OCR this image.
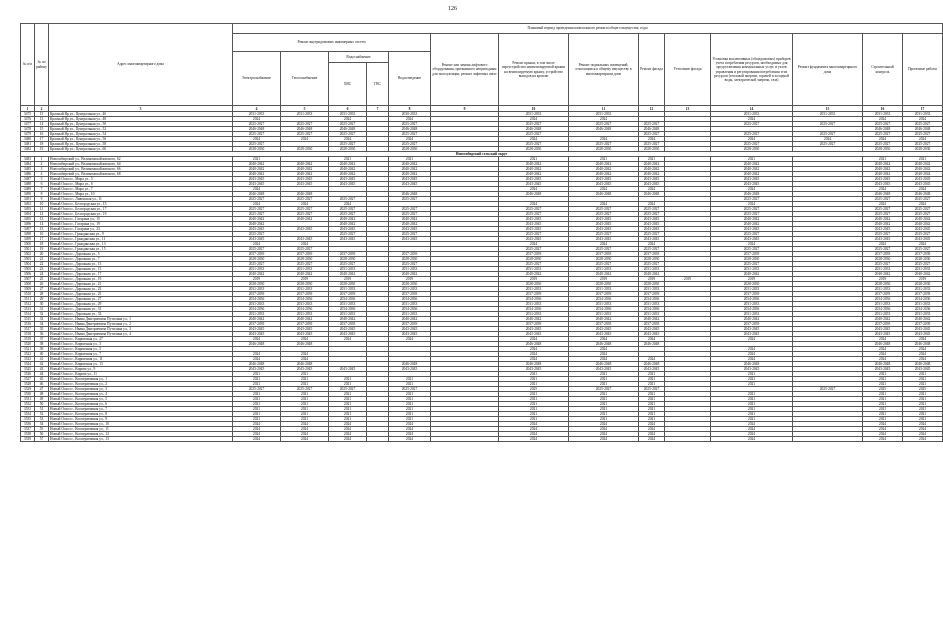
126
№ п/п	№ по району	Адрес многоквартирного дома	Плановый период проведения капитального ремонта общего имущества, годы													
			Ремонт внутридомовых инженерных систем					Ремонт или замена лифтового оборудования, признанного непригодным для эксплуатации, ремонт лифтовых шахт	Ремонт крыши, в том числе переустройство невентилируемой крыши на вентилируемую крышу, устройство выходов на кровлю	Ремонт подвальных помещений, относящихся к общему имуществу в многоквартирном доме	Ремонт фасада	Утепление фасада	Установка коллективных (общедомовых) приборов учета потребления ресурсов, необходимых для предоставления коммунальных услуг, и узлов управления и регулирования потребления этих ресурсов (тепловой энергии, горячей и холодной воды, электрической энергии, газа)	Ремонт фундамента многоквартирного дома	Строительный контроль	Проектные работы
			Электроснабжение	Теплоснабжение	Водоснабжение		Водоотведение									
					ХВС	ГВС										
1	2	3	4	5	6	7	8	9	10	11	12	13	14	15	16	17
3475	15	Красный Яр ул., Центральная ул., 46	2031-2033	2031-2033	2031-2033		2030-2033		2031-2033	2031-2033			2031-2033	2031-2033	2031-2033	2031-2033
3476	13	Красный Яр ул., Центральная ул., 48	2024		2024		2024		2024	2024			2024		2024	2024
3477	14	Красный Яр ул., Центральная ул., 50	2025-2027	2025-2027	2025-2027		2025-2027		2025-2027	2025-2027	2025-2027		2025-2027	2025-2027	2025-2027	2025-2027
3478	15	Красный Яр ул., Центральная ул., 52	2046-2048	2046-2048	2046-2048		2046-2048		2046-2048	2046-2048	2046-2048				2046-2048	2046-2048
3479	16	Красный Яр ул., Центральная ул., 54	2025-2027	2025-2027	2025-2027		2025-2027		2025-2027		2025-2027		2025-2027	2025-2027	2025-2027	2025-2027
3480	17	Красный Яр ул., Центральная ул., 56	2024	2024	2024		2024		2024	2024	2024		2024	2024	2024	2024
3481	18	Красный Яр ул., Центральная ул., 58	2025-2027		2025-2027		2025-2027		2025-2027	2025-2027	2025-2027		2025-2027	2025-2027	2025-2027	2025-2027
3482	19	Красный Яр ул., Центральная ул., 60	2028-2030	2028-2030	2028-2030		2028-2030		2028-2030	2028-2030	2028-2030		2028-2030		2028-2030	2028-2030
Новосибирский сельский округ																
3483	1	Новосибирский ул., Великомихайловского, 62	2021		2021		2021		2021	2021	2021		2021		2021	2021
3484	2	Новосибирский ул., Великомихайловского, 64	2040-2042	2040-2042	2040-2042		2040-2042		2040-2042	2040-2042	2040-2042		2040-2042		2040-2042	2040-2042
3485	3	Новосибирский ул., Великомихайловского, 66	2040-2042	2040-2042	2040-2042		2040-2042		2040-2042	2040-2042	2040-2042		2040-2042		2040-2042	2040-2042
3486	4	Новосибирский ул., Великомихайловского, 68	2040-2042	2040-2042	2040-2042		2040-2042		2040-2042	2040-2042	2040-2042		2040-2042		2040-2042	2040-2042
3487	5	Новый Оскол г., Мира ул., 5	2043-2045	2043-2045	2043-2045		2043-2045		2043-2045	2043-2045	2043-2045		2043-2045		2043-2045	2043-2045
3488	6	Новый Оскол г., Мира ул., 6	2043-2045	2043-2045	2043-2045		2043-2045		2043-2045	2043-2045	2043-2045		2043-2045		2043-2045	2043-2045
3489	7	Новый Оскол г., Мира ул., 7	2024						2024	2024	2024		2024		2024	2024
3490	8	Новый Оскол г., Мира ул., 10	2046-2048	2046-2048			2046-2048		2046-2048	2046-2048	2046-2048		2046-2048		2046-2048	2046-2048
3491	9	Новый Оскол г., Ливенская ул., 11	2025-2027	2025-2027	2025-2027		2025-2027						2025-2027		2025-2027	2025-2027
3492	10	Новый Оскол г., Белгородская ул., 15	2024	2024	2024				2024	2024	2024		2024		2024	2024
3493	11	Новый Оскол г., Белгородская ул., 17	2025-2027	2025-2027	2025-2027		2025-2027		2025-2027	2025-2027	2025-2027		2025-2027		2025-2027	2025-2027
3494	12	Новый Оскол г., Белгородская ул., 19	2025-2027	2025-2027	2025-2027		2025-2027		2025-2027	2025-2027	2025-2027		2025-2027		2025-2027	2025-2027
3495	13	Новый Оскол г., Гагарина ул., 15	2040-2042	2040-2042	2040-2042		2040-2042		2043-2045	2043-2045	2043-2045		2040-2042		2040-2042	2040-2042
3496	14	Новый Оскол г., Гагарина ул., 19	2040-2042		2040-2042		2040-2042		2043-2045	2043-2045	2043-2045		2040-2042		2040-2042	2040-2042
3497	15	Новый Оскол г., Гагарина ул., 23	2043-2045	2043-2045	2043-2045		2043-2045		2043-2045	2043-2045	2043-2045		2043-2045		2043-2045	2043-2045
3498	16	Новый Оскол г., Гражданская ул., 9	2025-2027		2025-2027		2025-2027		2025-2027	2025-2027	2025-2027		2025-2027		2025-2027	2025-2027
3499	17	Новый Оскол г., Гражданская ул., 11	2043-2045	2043-2045	2043-2045		2043-2045		2043-2045	2043-2045	2043-2045		2043-2045		2043-2045	2043-2045
3500	18	Новый Оскол г., Гражданская ул., 13	2024	2024					2024	2024	2024		2024		2024	2024
3501	19	Новый Оскол г., Гражданская ул., 15	2025-2027	2025-2027					2025-2027	2025-2027	2025-2027		2025-2027		2025-2027	2025-2027
3502	20	Новый Оскол г., Дорожная ул., 5	2037-2039	2037-2039	2037-2039		2037-2039		2037-2039	2037-2039	2037-2039		2037-2039		2037-2039	2037-2039
3503	21	Новый Оскол г., Дорожная ул., 7	2028-2030	2028-2030	2028-2030		2028-2030		2028-2030	2028-2030	2028-2030		2028-2030		2028-2030	2028-2030
3504	22	Новый Оскол г., Дорожная ул., 13	2025-2027	2025-2027	2025-2027		2025-2027		2025-2027	2025-2027	2025-2027		2025-2027		2025-2027	2025-2027
3505	23	Новый Оскол г., Дорожная ул., 15	2031-2033	2031-2033	2031-2033		2031-2033		2031-2033	2031-2033	2031-2033		2031-2033		2031-2033	2031-2033
3506	24	Новый Оскол г., Дорожная ул., 17	2040-2042	2040-2042	2040-2042		2040-2042		2040-2042	2040-2042	2040-2042		2040-2042		2040-2042	2040-2042
3507	25	Новый Оскол г., Дорожная ул., 19	2019	2019	2019		2019		2019	2019	2019	2019	2019		2019	2019
3508	26	Новый Оскол г., Дорожная ул., 21	2028-2030	2028-2030	2028-2030		2028-2030		2028-2030	2028-2030	2028-2030		2028-2030		2028-2030	2028-2030
3509	27	Новый Оскол г., Дорожная ул., 23	2031-2033	2031-2033	2031-2033		2031-2033		2031-2033	2031-2033	2031-2033		2031-2033		2031-2033	2031-2033
3510	28	Новый Оскол г., Дорожная ул., 25	2037-2039	2037-2039	2037-2039		2037-2039		2037-2039	2037-2039	2037-2039		2037-2039		2037-2039	2037-2039
3511	29	Новый Оскол г., Дорожная ул., 27	2034-2036	2034-2036	2034-2036		2034-2036		2034-2036	2034-2036	2034-2036		2034-2036		2034-2036	2034-2036
3512	30	Новый Оскол г., Дорожная ул., 29	2031-2033	2031-2033	2031-2033		2031-2033		2031-2033	2031-2033	2031-2033		2031-2033		2031-2033	2031-2033
3513	31	Новый Оскол г., Дорожная ул., 31	2034-2036	2034-2036	2034-2036		2034-2036		2034-2036	2034-2036	2034-2036		2034-2036		2034-2036	2034-2036
3514	32	Новый Оскол г., Дорожная ул., 33	2031-2033	2031-2033	2031-2033		2031-2033		2031-2033	2031-2033	2031-2033		2031-2033		2031-2033	2031-2033
3515	33	Новый Оскол г., Ивана Дмитриевича Путилина ул., 1	2040-2042	2040-2042	2040-2042		2040-2042		2040-2042	2040-2042	2040-2042		2040-2042		2040-2042	2040-2042
3516	34	Новый Оскол г., Ивана Дмитриевича Путилина ул., 2	2037-2039	2037-2039	2037-2039		2037-2039		2037-2039	2037-2039	2037-2039		2037-2039		2037-2039	2037-2039
3517	35	Новый Оскол г., Ивана Дмитриевича Путилина ул., 3	2043-2045	2043-2045	2043-2045		2043-2045		2043-2045	2043-2045	2043-2045		2043-2045		2043-2045	2043-2045
3518	36	Новый Оскол г., Ивана Дмитриевича Путилина ул., 4	2043-2045	2043-2045	2043-2045		2043-2045		2043-2045	2043-2045	2043-2045		2043-2045		2043-2045	2043-2045
3519	37	Новый Оскол г., Кирпичная ул., 27	2024	2024	2024		2024		2024	2024	2024		2024		2024	2024
3520	38	Новый Оскол г., Кирпичная ул., 3	2046-2048	2046-2048					2046-2048	2046-2048	2046-2048				2046-2048	2046-2048
3521	39	Новый Оскол г., Кирпичная ул., 5							2024	2024			2024		2024	2024
3522	40	Новый Оскол г., Кирпичная ул., 7	2024	2024					2024	2024			2024		2024	2024
3523	41	Новый Оскол г., Кирпичная ул., 11	2024	2024					2024	2024	2024		2024		2024	2024
3524	42	Новый Оскол г., Кирпичная ул., 13	2046-2048	2046-2048			2046-2048		2046-2048	2046-2048	2046-2048		2046-2048		2046-2048	2046-2048
3525	43	Новый Оскол г., Кирова ул., 9	2043-2045	2043-2045	2043-2045		2043-2045		2043-2045	2043-2045	2043-2045		2043-2045		2043-2045	2043-2045
3526	44	Новый Оскол г., Кирова ул., 11	2021	2021					2021	2021	2021		2021		2021	2021
3527	45	Новый Оскол г., Кооперативная ул., 1	2021	2021	2021		2021		2021	2021	2021		2021		2021	2021
3528	46	Новый Оскол г., Кооперативная ул., 2	2021	2021	2021		2021		2021	2021	2021		2021		2021	2021
3529	47	Новый Оскол г., Кооперативная ул., 3	2025-2027	2025-2027	2025-2027		2025-2027		2025	2025-2027	2025-2027			2025-2027	2025	2025
3530	48	Новый Оскол г., Кооперативная ул., 4	2021	2021	2021		2021		2021	2021	2021		2021		2021	2021
3531	49	Новый Оскол г., Кооперативная ул., 5	2021	2021	2021		2021		2021	2021	2021		2021		2021	2021
3532	50	Новый Оскол г., Кооперативная ул., 6	2021	2021	2021		2021		2021	2021	2021		2021		2021	2021
3533	51	Новый Оскол г., Кооперативная ул., 7	2021	2021	2021		2021		2021	2021	2021		2021		2021	2021
3534	52	Новый Оскол г., Кооперативная ул., 8	2021	2021	2021		2021		2021	2021	2021		2021		2021	2021
3535	53	Новый Оскол г., Кооперативная ул., 9	2021	2021	2021		2021		2021	2021	2021		2021		2021	2021
3536	54	Новый Оскол г., Кооперативная ул., 10	2024	2024	2024		2024		2024	2024	2024		2024		2024	2024
3537	55	Новый Оскол г., Кооперативная ул., 11	2024	2024	2024		2024		2024	2024	2024		2024		2024	2024
3538	56	Новый Оскол г., Кооперативная ул., 12	2024	2024	2024		2024		2024	2024	2024		2024		2024	2024
3539	57	Новый Оскол г., Кооперативная ул., 13	2024	2024	2024		2024		2024	2024	2024		2024		2024	2024
